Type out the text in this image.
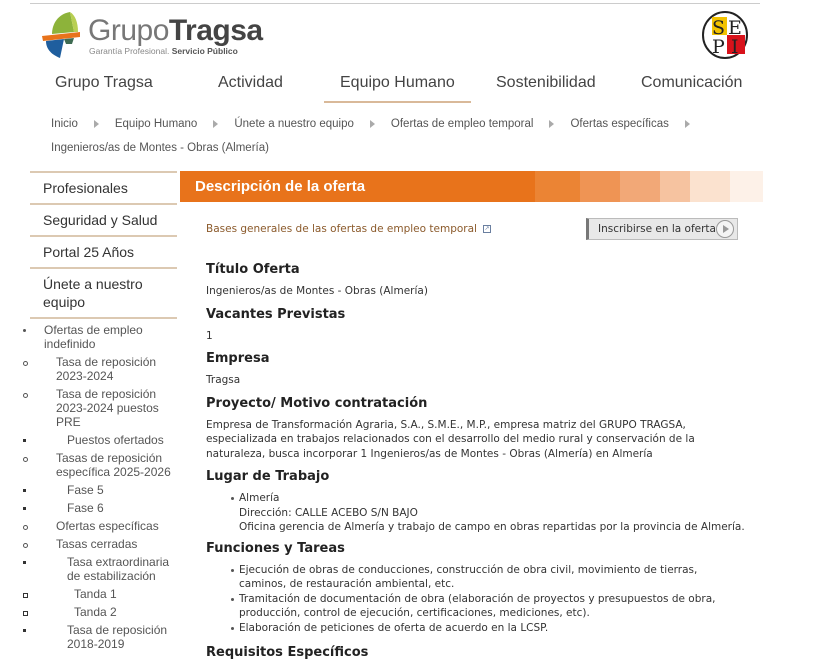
GrupoTragsa
Garantía Profesional. Servicio Público
S E
P I
Grupo Tragsa	Actividad	Equipo Humano	Sostenibilidad	Comunicación
Inicio	Equipo Humano	Únete a nuestro equipo	Ofertas de empleo temporal	Ofertas específicas
Ingenieros/as de Montes - Obras (Almería)
Profesionales
Seguridad y Salud
Portal 25 Años
Únete a nuestro equipo
Ofertas de empleo indefinido
Tasa de reposición 2023-2024
Tasa de reposición 2023-2024 puestos PRE
Puestos ofertados
Tasas de reposición específica 2025-2026
Fase 5
Fase 6
Ofertas específicas
Tasas cerradas
Tasa extraordinaria de estabilización
Tanda 1
Tanda 2
Tasa de reposición 2018-2019
Descripción de la oferta
Bases generales de las ofertas de empleo temporal ↗	Inscribirse en la oferta
Título Oferta

Ingenieros/as de Montes - Obras (Almería)

Vacantes Previstas

1

Empresa

Tragsa

Proyecto/ Motivo contratación

Empresa de Transformación Agraria, S.A., S.M.E., M.P., empresa matriz del GRUPO TRAGSA, especializada en trabajos relacionados con el desarrollo del medio rural y conservación de la naturaleza, busca incorporar 1 Ingenieros/as de Montes - Obras (Almería) en Almería

Lugar de Trabajo
Almería
Dirección: CALLE ACEBO S/N BAJO
Oficina gerencia de Almería y trabajo de campo en obras repartidas por la provincia de Almería.
Funciones y Tareas
Ejecución de obras de conducciones, construcción de obra civil, movimiento de tierras, caminos, de restauración ambiental, etc.
Tramitación de documentación de obra (elaboración de proyectos y presupuestos de obra, producción, control de ejecución, certificaciones, mediciones, etc).
Elaboración de peticiones de oferta de acuerdo en la LCSP.
Requisitos Específicos
